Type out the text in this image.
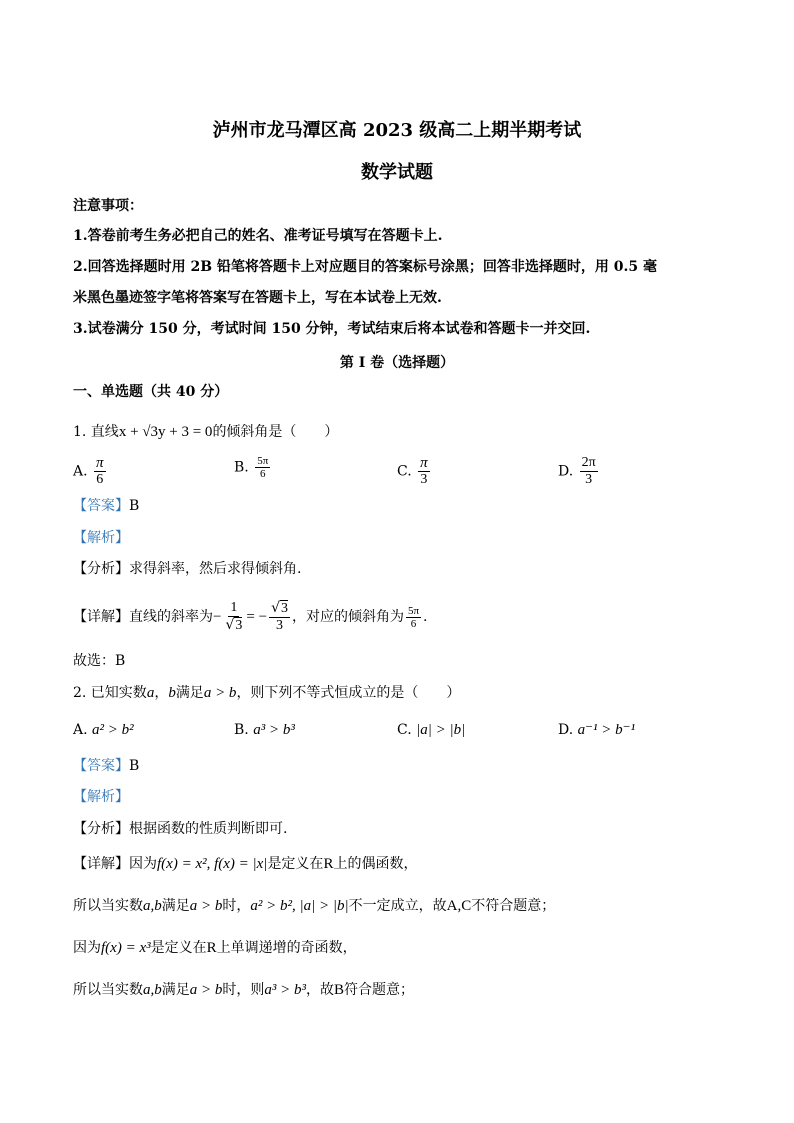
泸州市龙马潭区高 2023 级高二上期半期考试
数学试题
注意事项：
1.答卷前考生务必把自己的姓名、准考证号填写在答题卡上.
2.回答选择题时用 2B 铅笔将答题卡上对应题目的答案标号涂黑；回答非选择题时，用 0.5 毫
米黑色墨迹签字笔将答案写在答题卡上，写在本试卷上无效.
3.试卷满分 150 分，考试时间 150 分钟，考试结束后将本试卷和答题卡一并交回.
第 I 卷（选择题）
一、单选题（共 40 分）
1. 直线x + √3y + 3 = 0的倾斜角是（　　）
A. $\frac{\pi}{6}$	B. $\frac{5\pi}{6}$	C. $\frac{\pi}{3}$	D. $\frac{2\pi}{3}$
【答案】B
【解析】
【分析】求得斜率，然后求得倾斜角.
【详解】直线的斜率为− $\frac{1}{√3}$ = − $\frac{√3}{3}$ ，对应的倾斜角为 $\frac{5\pi}{6}$ .
故选：B
2. 已知实数a，b满足a > b，则下列不等式恒成立的是（　　）
A. a² > b²	B. a³ > b³	C. |a| > |b|	D. a⁻¹ > b⁻¹
【答案】B
【解析】
【分析】根据函数的性质判断即可.
【详解】因为f(x) = x², f(x) = |x|是定义在R上的偶函数，
所以当实数a,b满足a > b时，a² > b², |a| > |b|不一定成立，故A,C不符合题意；
因为f(x) = x³是定义在R上单调递增的奇函数，
所以当实数a,b满足a > b时，则a³ > b³，故B符合题意；
